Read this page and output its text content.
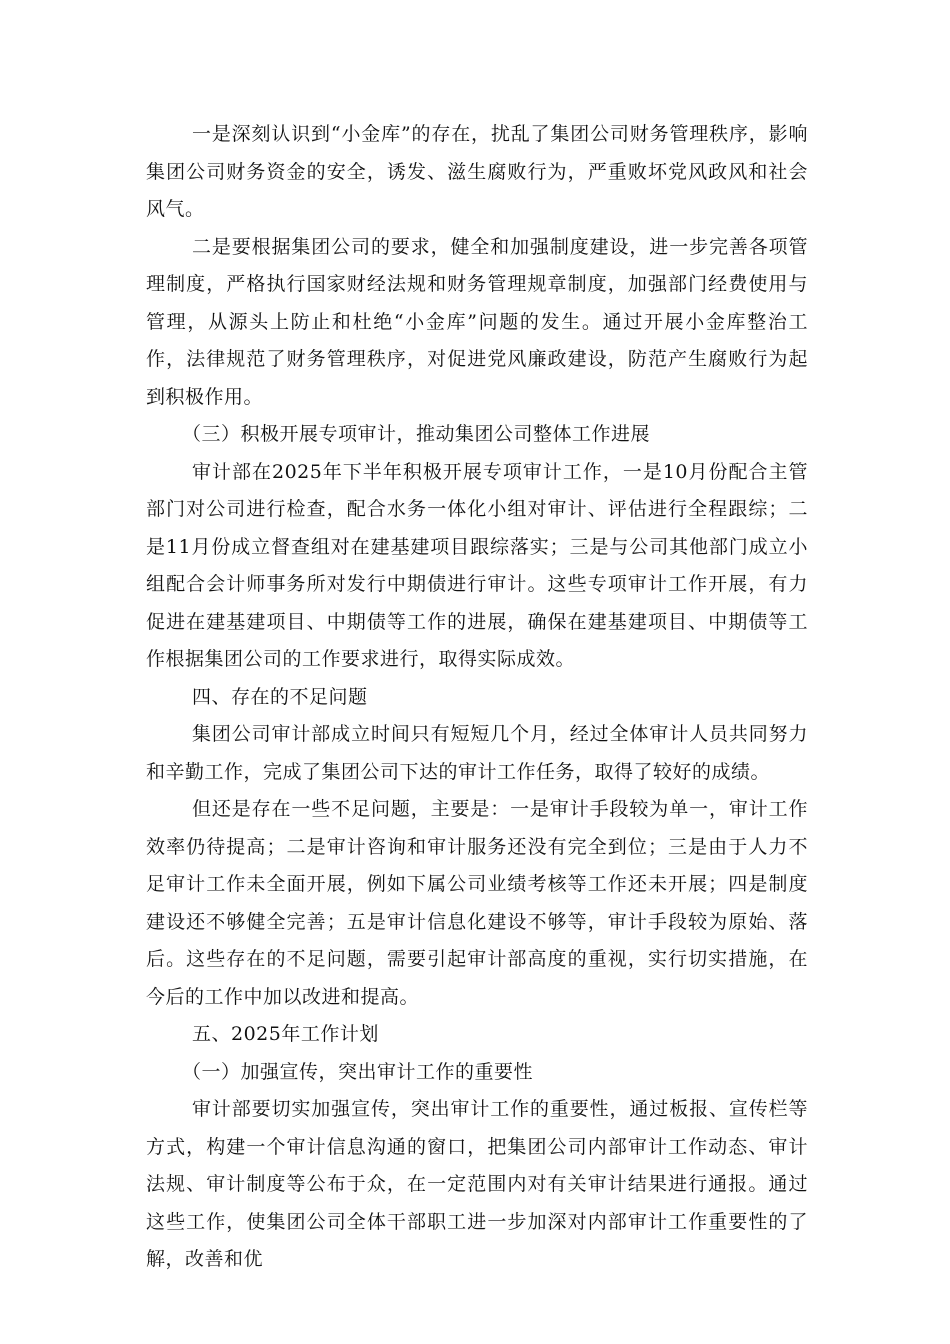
一是深刻认识到“小金库”的存在，扰乱了集团公司财务管理秩序，影响集团公司财务资金的安全，诱发、滋生腐败行为，严重败坏党风政风和社会风气。

二是要根据集团公司的要求，健全和加强制度建设，进一步完善各项管理制度，严格执行国家财经法规和财务管理规章制度，加强部门经费使用与管理，从源头上防止和杜绝“小金库”问题的发生。通过开展小金库整治工作，法律规范了财务管理秩序，对促进党风廉政建设，防范产生腐败行为起到积极作用。

（三）积极开展专项审计，推动集团公司整体工作进展

审计部在2025年下半年积极开展专项审计工作，一是10月份配合主管部门对公司进行检查，配合水务一体化小组对审计、评估进行全程跟综；二是11月份成立督查组对在建基建项目跟综落实；三是与公司其他部门成立小组配合会计师事务所对发行中期债进行审计。这些专项审计工作开展，有力促进在建基建项目、中期债等工作的进展，确保在建基建项目、中期债等工作根据集团公司的工作要求进行，取得实际成效。

四、存在的不足问题

集团公司审计部成立时间只有短短几个月，经过全体审计人员共同努力和辛勤工作，完成了集团公司下达的审计工作任务，取得了较好的成绩。

但还是存在一些不足问题，主要是：一是审计手段较为单一，审计工作效率仍待提高；二是审计咨询和审计服务还没有完全到位；三是由于人力不足审计工作未全面开展，例如下属公司业绩考核等工作还未开展；四是制度建设还不够健全完善；五是审计信息化建设不够等，审计手段较为原始、落后。这些存在的不足问题，需要引起审计部高度的重视，实行切实措施，在今后的工作中加以改进和提高。

五、2025年工作计划

（一）加强宣传，突出审计工作的重要性

审计部要切实加强宣传，突出审计工作的重要性，通过板报、宣传栏等方式，构建一个审计信息沟通的窗口，把集团公司内部审计工作动态、审计法规、审计制度等公布于众，在一定范围内对有关审计结果进行通报。通过这些工作，使集团公司全体干部职工进一步加深对内部审计工作重要性的了解，改善和优
